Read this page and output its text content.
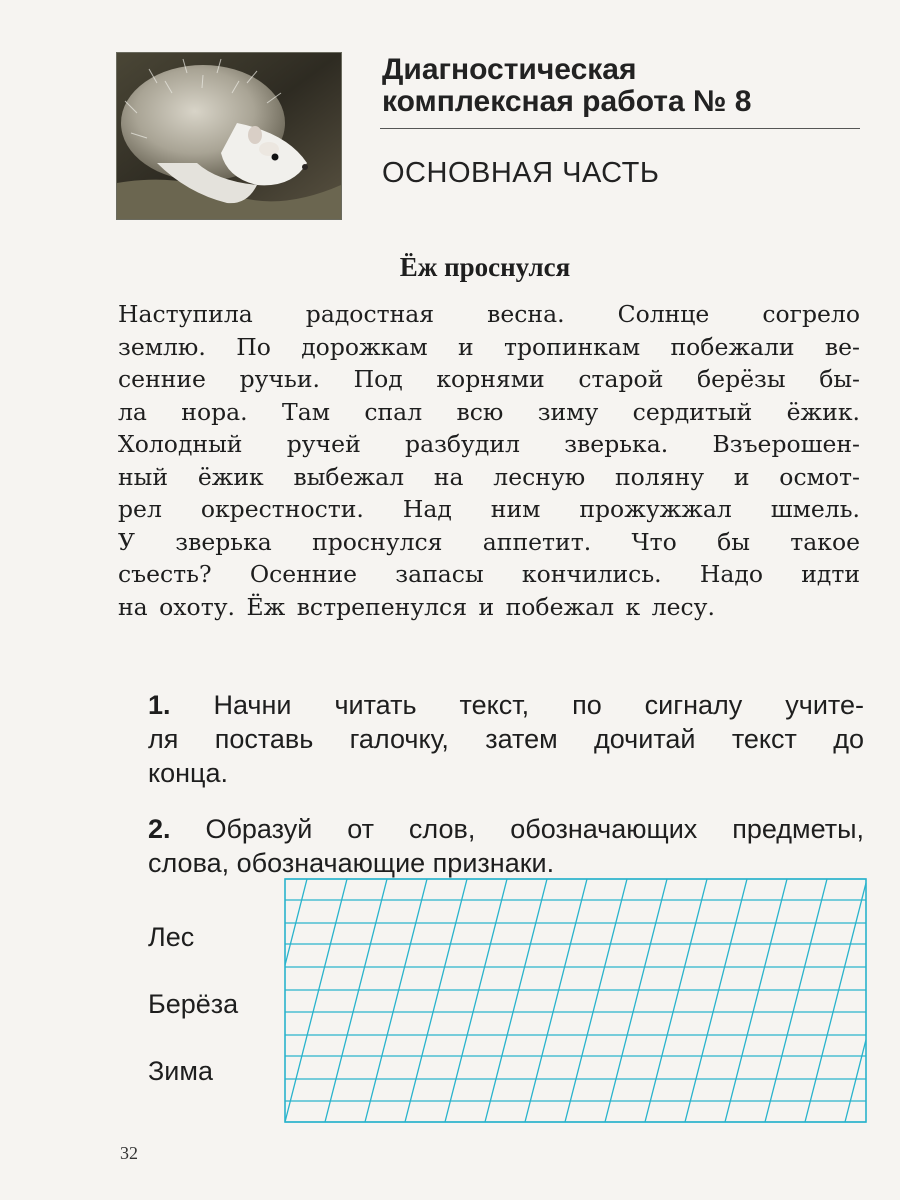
Диагностическая
комплексная работа № 8
ОСНОВНАЯ ЧАСТЬ
Ёж проснулся
Наступила радостная весна. Солнце согрело
землю. По дорожкам и тропинкам побежали ве-
сенние ручьи. Под корнями старой берёзы бы-
ла нора. Там спал всю зиму сердитый ёжик.
Холодный ручей разбудил зверька. Взъерошен-
ный ёжик выбежал на лесную поляну и осмот-
рел окрестности. Над ним прожужжал шмель.
У зверька проснулся аппетит. Что бы такое
съесть? Осенние запасы кончились. Надо идти
на охоту. Ёж встрепенулся и побежал к лесу.
1. Начни читать текст, по сигналу учите-
ля поставь галочку, затем дочитай текст до
конца.
2. Образуй от слов, обозначающих предметы,
слова, обозначающие признаки.
Лес
Берёза
Зима
32
